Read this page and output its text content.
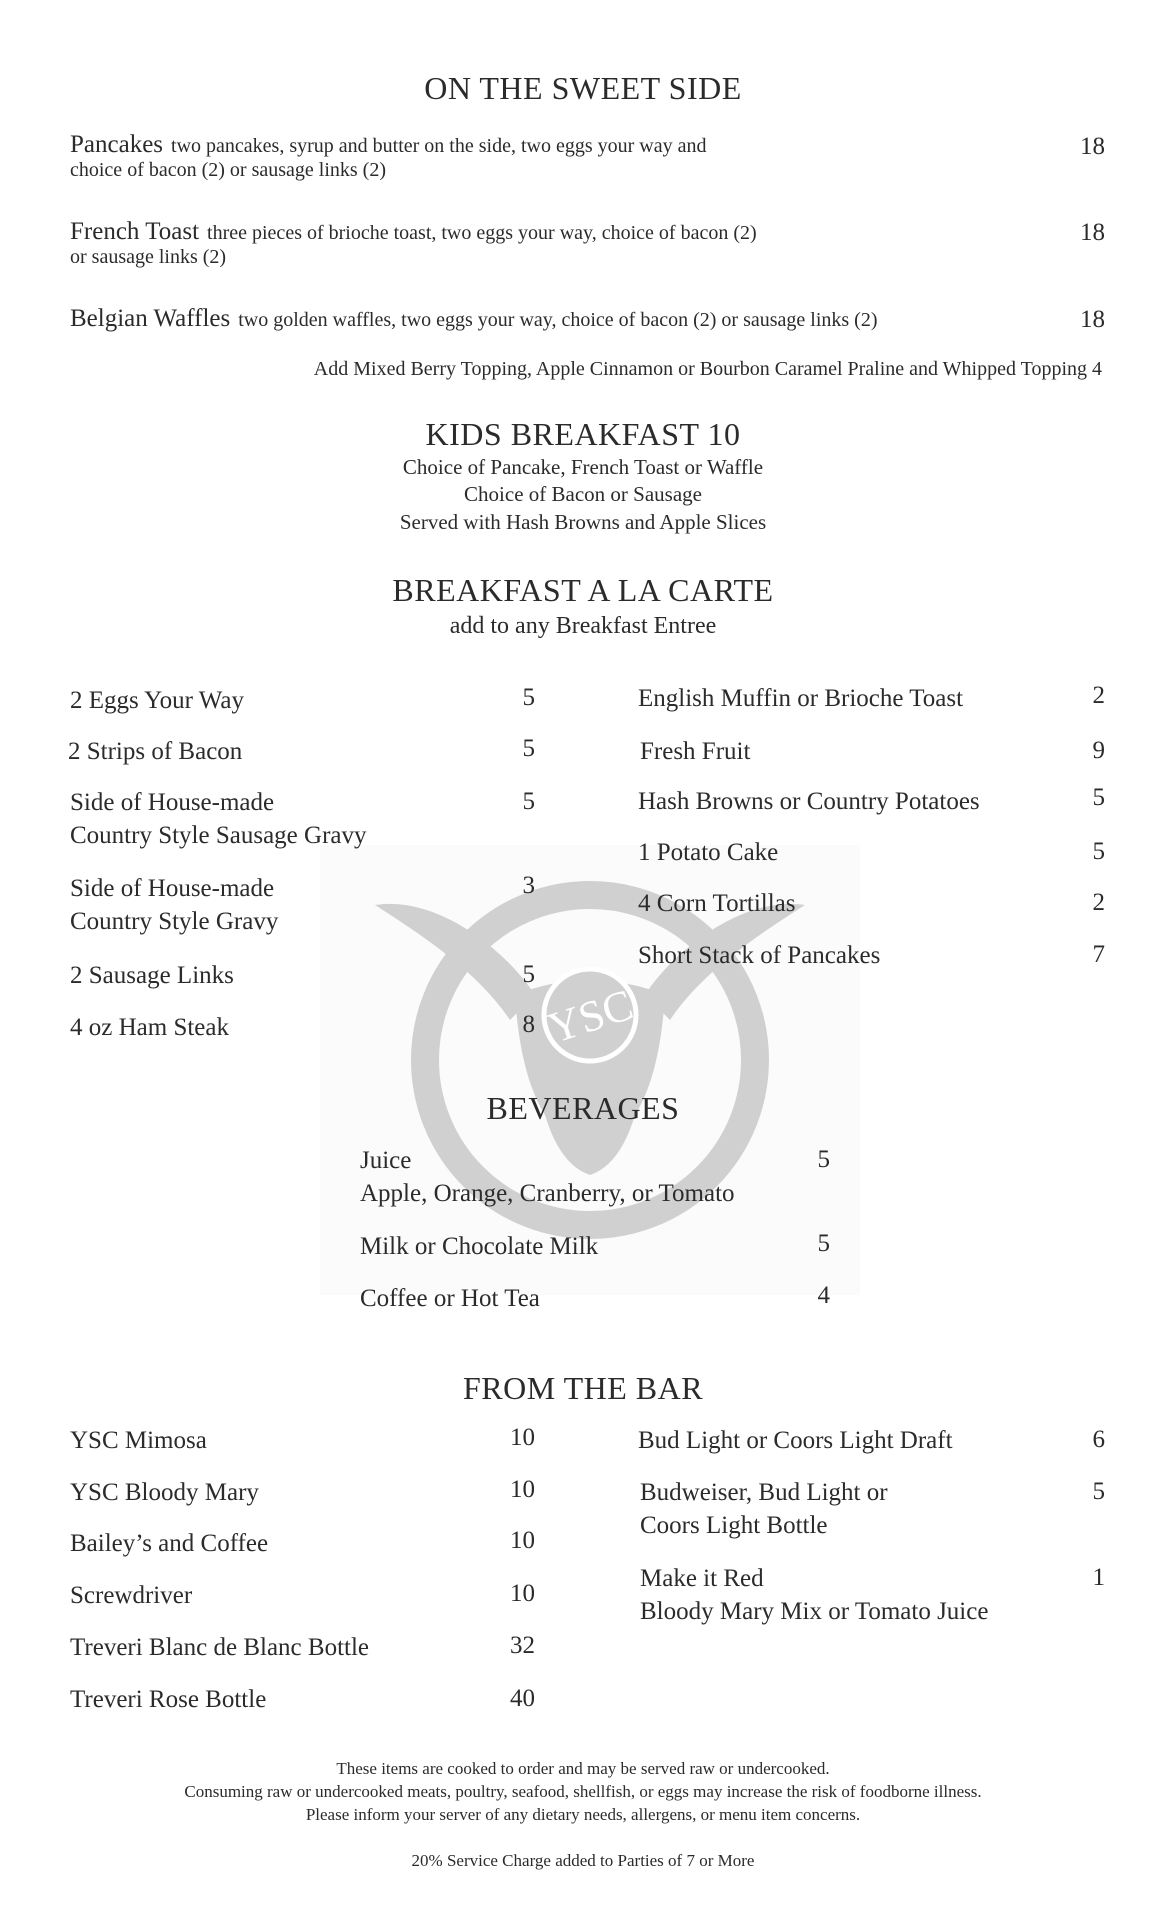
YSC
ON THE SWEET SIDE
Pancakes two pancakes, syrup and butter on the side, two eggs your way and
choice of bacon (2) or sausage links (2)
18
French Toast three pieces of brioche toast, two eggs your way, choice of bacon (2)
or sausage links (2)
18
Belgian Waffles two golden waffles, two eggs your way, choice of bacon (2) or sausage links (2)	18
Add Mixed Berry Topping, Apple Cinnamon or Bourbon Caramel Praline and Whipped Topping 4
KIDS BREAKFAST 10
Choice of Pancake, French Toast or Waffle
Choice of Bacon or Sausage
Served with Hash Browns and Apple Slices
BREAKFAST A LA CARTE
add to any Breakfast Entree
2 Eggs Your Way	5
2 Strips of Bacon	5
Side of House-made
Country Style Sausage Gravy
5
Side of House-made
Country Style Gravy
3
2 Sausage Links	5
4 oz Ham Steak	8
English Muffin or Brioche Toast	2
Fresh Fruit	9
Hash Browns or Country Potatoes	5
1 Potato Cake	5
4 Corn Tortillas	2
Short Stack of Pancakes	7
BEVERAGES
Juice
Apple, Orange, Cranberry, or Tomato
5
Milk or Chocolate Milk	5
Coffee or Hot Tea	4
FROM THE BAR
YSC Mimosa	10
YSC Bloody Mary	10
Bailey’s and Coffee	10
Screwdriver	10
Treveri Blanc de Blanc Bottle	32
Treveri Rose Bottle	40
Bud Light or Coors Light Draft	6
Budweiser, Bud Light or
Coors Light Bottle
5
Make it Red
Bloody Mary Mix or Tomato Juice
1
These items are cooked to order and may be served raw or undercooked.
Consuming raw or undercooked meats, poultry, seafood, shellfish, or eggs may increase the risk of foodborne illness.
Please inform your server of any dietary needs, allergens, or menu item concerns.
20% Service Charge added to Parties of 7 or More
